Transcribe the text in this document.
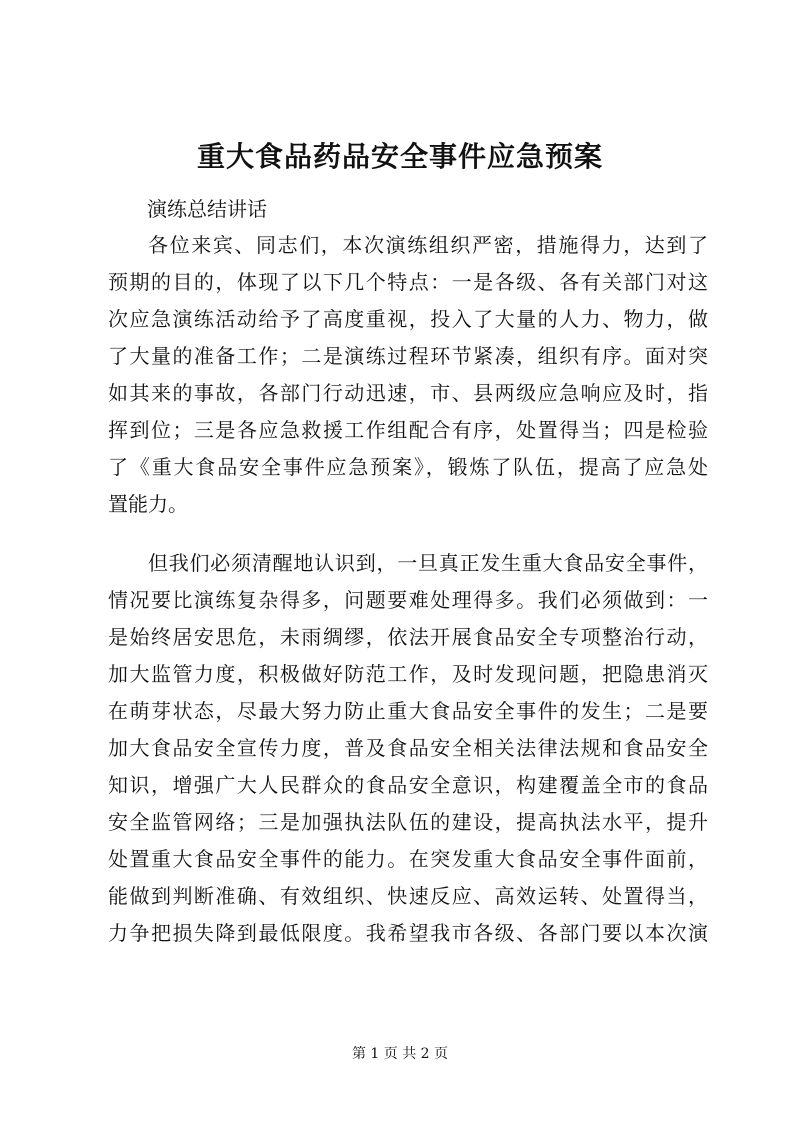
重大食品药品安全事件应急预案

演练总结讲话

各位来宾、同志们，本次演练组织严密，措施得力，达到了

预期的目的，体现了以下几个特点：一是各级、各有关部门对这

次应急演练活动给予了高度重视，投入了大量的人力、物力，做

了大量的准备工作；二是演练过程环节紧凑，组织有序。面对突

如其来的事故，各部门行动迅速，市、县两级应急响应及时，指

挥到位；三是各应急救援工作组配合有序，处置得当；四是检验

了《重大食品安全事件应急预案》，锻炼了队伍，提高了应急处

置能力。

但我们必须清醒地认识到，一旦真正发生重大食品安全事件，

情况要比演练复杂得多，问题要难处理得多。我们必须做到：一

是始终居安思危，未雨绸缪，依法开展食品安全专项整治行动，

加大监管力度，积极做好防范工作，及时发现问题，把隐患消灭

在萌芽状态，尽最大努力防止重大食品安全事件的发生；二是要

加大食品安全宣传力度，普及食品安全相关法律法规和食品安全

知识，增强广大人民群众的食品安全意识，构建覆盖全市的食品

安全监管网络；三是加强执法队伍的建设，提高执法水平，提升

处置重大食品安全事件的能力。在突发重大食品安全事件面前，

能做到判断准确、有效组织、快速反应、高效运转、处置得当，

力争把损失降到最低限度。我希望我市各级、各部门要以本次演

第 1 页 共 2 页
